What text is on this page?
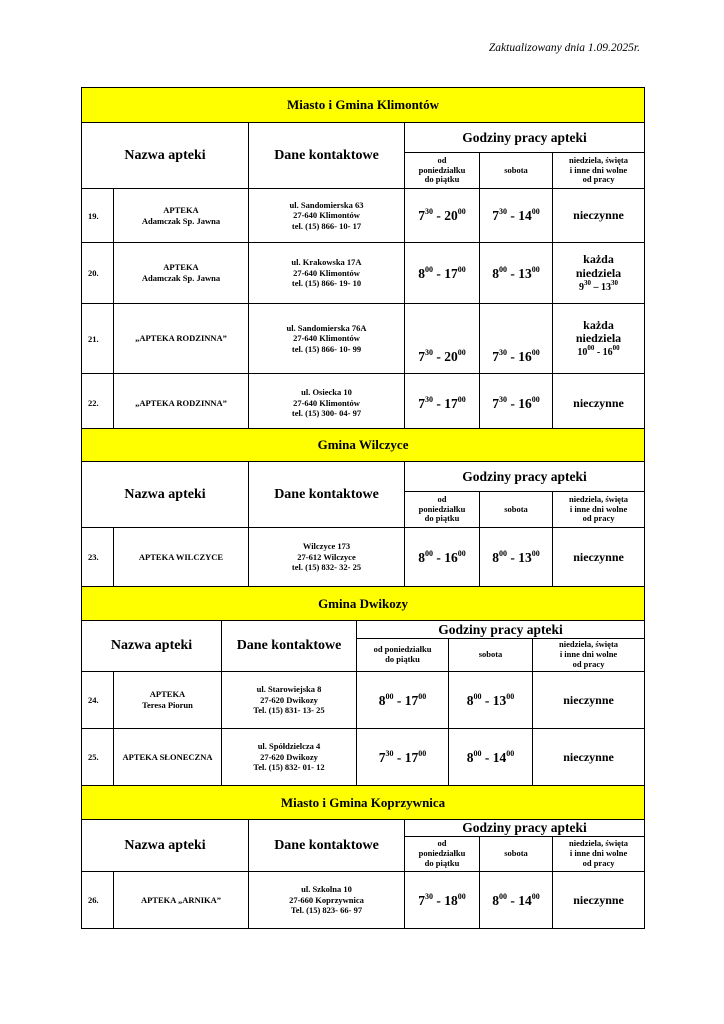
Zaktualizowany dnia 1.09.2025r.
Miasto i Gmina Klimontów					
Nazwa apteki		Dane kontaktowe	Godziny pracy apteki		

			od
poniedziałku
do piątku	sobota	niedziela, święta
i inne dni wolne
od pracy

19.	APTEKA
Adamczak Sp. Jawna	ul. Sandomierska 63
27-640 Klimontów
tel. (15) 866- 10- 17	$7^{30} - 20^{00}$	$7^{30} - 14^{00}$	nieczynne
20.	APTEKA
Adamczak Sp. Jawna	ul. Krakowska 17A
27-640 Klimontów
tel. (15) 866- 19- 10	$8^{00} - 17^{00}$	$8^{00} - 13^{00}$	każda
niedziela
$9^{30} - 13^{30}$

21.	„APTEKA RODZINNA”	ul. Sandomierska 76A
27-640 Klimontów
tel. (15) 866- 10- 99	$7^{30} - 20^{00}$	$7^{30} - 16^{00}$	każda
niedziela
$10^{00} - 16^{00}$

22.	„APTEKA RODZINNA”	ul. Osiecka 10
27-640 Klimontów
tel. (15) 300- 04- 97	$7^{30} - 17^{00}$	$7^{30} - 16^{00}$	nieczynne
Gmina Wilczyce					
Nazwa apteki		Dane kontaktowe	Godziny pracy apteki		

			od
poniedziałku
do piątku	sobota	niedziela, święta
i inne dni wolne
od pracy

23.	APTEKA WILCZYCE	Wilczyce 173
27-612 Wilczyce
tel. (15) 832- 32- 25	$8^{00} - 16^{00}$	$8^{00} - 13^{00}$	nieczynne
Gmina Dwikozy					
Nazwa apteki		Dane kontaktowe	Godziny pracy apteki		

			od poniedziałku
do piątku	sobota	niedziela, święta
i inne dni wolne
od pracy

24.	APTEKA
Teresa Piorun	ul. Starowiejska 8
27-620 Dwikozy
Tel. (15) 831- 13- 25	$8^{00} - 17^{00}$	$8^{00} - 13^{00}$	nieczynne
25.	APTEKA SŁONECZNA	ul. Spółdzielcza 4
27-620 Dwikozy
Tel. (15) 832- 01- 12	$7^{30} - 17^{00}$	$8^{00} - 14^{00}$	nieczynne
Miasto i Gmina Koprzywnica					
Nazwa apteki		Dane kontaktowe	Godziny pracy apteki		

			od
poniedziałku
do piątku	sobota	niedziela, święta
i inne dni wolne
od pracy

26.	APTEKA „ARNIKA”	ul. Szkolna 10
27-660 Koprzywnica
Tel. (15) 823- 66- 97	$7^{30} - 18^{00}$	$8^{00} - 14^{00}$	nieczynne
